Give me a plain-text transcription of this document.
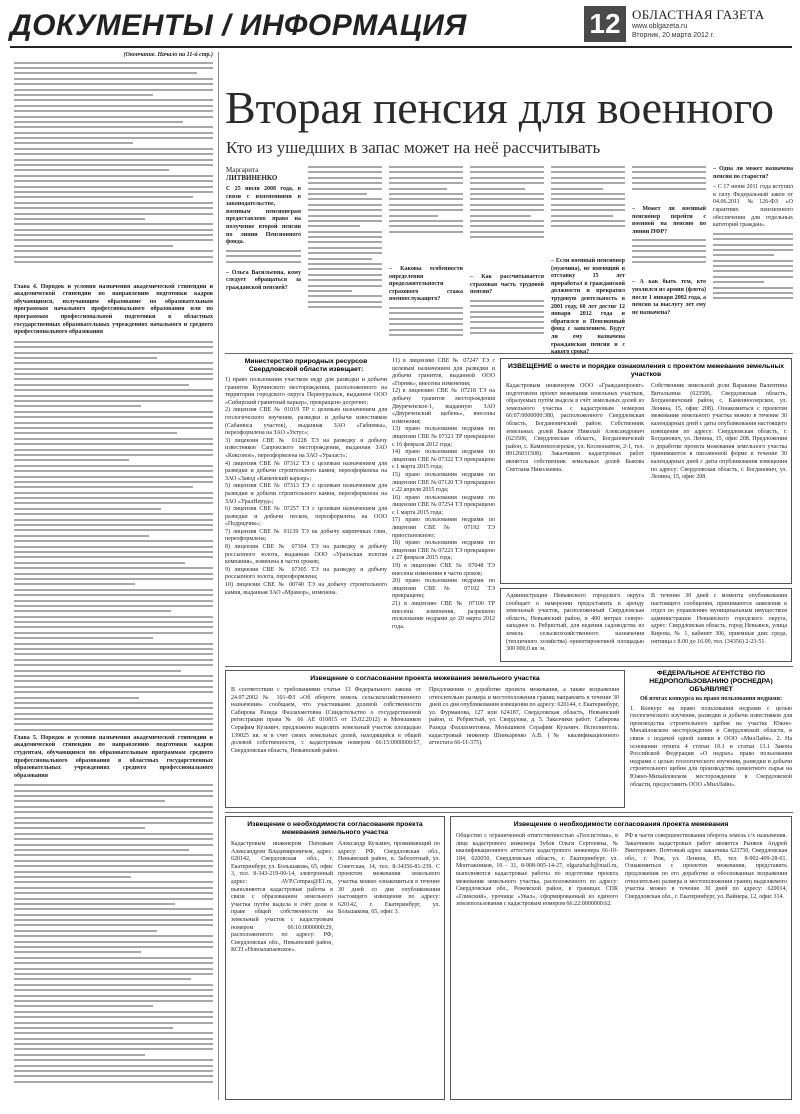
ДОКУМЕНТЫ / ИНФОРМАЦИЯ	12 ОБЛАСТНАЯ ГАЗЕТА
www.oblgazeta.ru
Вторник, 20 марта 2012 г.

(Окончание. Начало на 11-й стр.)

Глава 4. Порядок и условия назначения академической стипендии и академической стипендии по направлению подготовки кадров обучающимся, получающим образование по образовательным программам начального профессионального образования или по программам профессиональной подготовки в областных государственных образовательных учреждениях начального и среднего профессионального образования

Глава 5. Порядок и условия назначения академической стипендии и академической стипендии по направлению подготовки кадров студентам, обучающимся по образовательным программам среднего профессионального образования в областных государственных образовательных учреждениях среднего профессионального образования

Вторая пенсия для военного
Кто из ушедших в запас может на неё рассчитывать

Маргарита

ЛИТВИНЕНКО

С 25 июля 2008 года, в связи с изменениями в законодательстве, военным пенсионерам предоставлено право на получение второй пенсии по линии Пенсионного фонда.

– Ольга Васильевна, кому следует обращаться за гражданской пенсией?

– Каковы особенности определения продолжительности страхового стажа военнослужащего?

– Как рассчитывается страховая часть трудовой пенсии?

– Если военный пенсионер (мужчина), не имеющий в отставку 15 лет проработал в гражданской должности и прекратил трудовую деятельность в 2001 году, 60 лет достиг 12 января 2012 года и обратился в Пенсионный фонд с заявлением. Будут ли ему назначена гражданская пенсия и с

– Может ли военный пенсионер перейти с военной на пенсию по линии ПФР?

– А как быть тем, кто уволился из армии (флота) после 1 января 2002 года, а пенсия за выслугу лет ему не назначена?

– Одна ли может назначена пенсия по старости?

– С 17 июня 2011 года вступил в силу Федеральный закон от 04.06.2011 №126-ФЗ «О гарантиях пенсионного обеспечения для отдельных категорий граждан».

Министерство природных ресурсов Свердловской области извещает:

1) право пользования участком недр для разведки и добычи гранитов Курчинского месторождения, расположенного на территории городского округа Первоуральск, выданное ООО «Сибирский гранитный карьер», прекращено досрочно;

2) лицензия СВЕ № 01019 ТР с целевым назначением для геологического изучения, разведки и добычи известняков (Сабанюса участок), выданная ЗАО «Габиевка», переоформлена на ЗАО «Уктус»;

3) лицензия СВЕ № 01228 ТЭ на разведку и добычу известняков Сапрокского месторождения, выданная ЗАО «Коксовое», переоформлена на ЗАО «Ураласт»;

4) лицензия СВЕ № 07312 ТЭ с целевым назначением для разведки и добычи строительного камня, переоформлена на ЗАО «Завод «Каменский карьер»;

5) лицензия СВЕ № 07313 ТЭ с целевым назначением для разведки и добычи строительного камня, переоформлена на ЗАО «УралНеруд»;

6) лицензия СВЕ № 07257 ТЭ с целевым назначением для разведки и добычи песков, переоформлена на ООО «Подрядчик»;

7) лицензия СВЕ № 01139 ТЭ на добычу кирпичных глин, переоформлена;

8) лицензия СВЕ № 07304 ТЭ на разведку и добычу россыпного золота, выданная ООО «Уральская золотая компания», изменена в части сроков;

9) лицензия СВЕ № 07305 ТЭ на разведку и добычу россыпного золота, переоформлена;

10) лицензия СВЕ № 00740 ТЭ на добычу строительного камня, выданная ЗАО «Мрамор», изменена.

11) в лицензию СВЕ № 07247 ТЭ с целевым назначением для разведки и добычи гранитов, выданной ООО «Горняк», внесены изменения;

12) в лицензию СВЕ № 07218 ТЭ на добычу гранитов месторождения Двуреченское-1, выданную ЗАО «Двуреченский щебень», внесены изменения;

13) право пользования недрами по лицензии СВЕ № 07321 ТР прекращено с 16 февраля 2012 года;

14) право пользования недрами по лицензии СВЕ № 07322 ТЭ прекращено с 1 марта 2015 года;

15) право пользования недрами по лицензии СВЕ № 07120 ТЭ прекращено с 22 апреля 2015 года;

16) право пользования недрами по лицензии СВЕ № 07254 ТЭ прекращено с 1 марта 2015 года;

17) право пользования недрами по лицензии СВЕ № 07192 ТЭ приостановлено;

18) право пользования недрами по лицензии СВЕ № 07223 ТЭ прекращено с 27 февраля 2015 года;

19) в лицензию СВЕ № 07048 ТЭ внесены изменения в части сроков;

20) право пользования недрами по лицензии СВЕ № 07102 ТЭ прекращено;

21) в лицензию СВЕ № 07100 ТР внесены изменения, разрешено пользование недрами до 20 марта 2012 года.

ИЗВЕЩЕНИЕ о месте и порядке ознакомления с проектом межевания земельных участков

Кадастровым инженером ООО «Гражданпроект» подготовлен проект межевания земельных участков, образуемых путём выдела в счёт земельных долей из земельного участка с кадастровым номером 66:07:0000000:380, расположенного Свердловская область, Богдановичский район. Собственник земельных долей Быков Николай Александрович (623506, Свердловская область, Богдановичский район, с. Каменноозерское, ул. Космонавтов, 2-1, тел. 89126031508). Заказчиком кадастровых работ является собственник земельных долей Быкова Светлана Николаевна.

Собственник земельной доли Варакина Валентина Витальевна (623506, Свердловская область, Богдановичский район, с. Каменноозерское, ул. Ленина, 15, офис 208). Ознакомиться с проектом межевания земельного участка можно в течение 30 календарных дней с даты опубликования настоящего извещения по адресу: Свердловская область, г. Богданович, ул. Ленина, 15, офис 208. Предложения о доработке проекта межевания земельного участка принимаются в письменной форме в течение 30 календарных дней с даты опубликования извещения по адресу: Свердловская область, г. Богданович, ул. Ленина, 15, офис 208.

Администрация Невьянского городского округа сообщает о намерении предоставить в аренду земельный участок, расположенный Свердловская область, Невьянский район, в 400 метрах северо-западнее п. Ребристый, для ведения садоводства из земель сельскохозяйственного назначения (тепличного хозяйства) ориентировочной площадью 300 000,0 кв. м.

В течение 30 дней с момента опубликования настоящего сообщения, принимаются заявления в отдел по управлению муниципальным имуществом администрации Невьянского городского округа, адрес: Свердловская область, город Невьянск, улица Кирова, № 1, кабинет 306, приемные дни: среда, пятница с 8.00 до 16.00, тел. (34356) 2-23-51.

Извещение о согласовании проекта межевания земельного участка

В соответствии с требованиями статьи 13 Федерального закона от 24.07.2002 № 101-ФЗ «Об обороте земель сельскохозяйственного назначения» сообщаем, что участниками долевой собственности Сабирова Разида Фазлахметовна (Свидетельство о государственной регистрации права № 66 АЕ 010815 от 15.02.2012) и Меньшиков Серафим Кузьмич, предложено выделить земельный участок площадью 139025 кв. м в счет своих земельных долей, находящийся в общей долевой собственности, с кадастровым номером 66:15:0000000:67, Свердловская область, Невьянский район.

Предложения о доработке проекта межевания, а также возражения относительно размера и местоположения границ направлять в течение 30 дней со дня опубликования извещения по адресу: 620144, г. Екатеринбург, ул. Фурманова, 127 или 624187, Свердловская область, Невьянский район, п. Ребристый, ул. Свердлова, д. 5. Заказчики работ: Сабирова Разида Фазлахметовна, Меньшиков Серафим Кузьмич. Исполнитель: кадастровый инженер Шинкаренко А.В. (№ квалификационного аттестата 66-11-375).

ФЕДЕРАЛЬНОЕ АГЕНТСТВО ПО НЕДРОПОЛЬЗОВАНИЮ (РОСНЕДРА) ОБЪЯВЛЯЕТ

Об итогах конкурса на право пользования недрами:

1. Конкурс на право пользования недрами с целью геологического изучения, разведки и добычи известняков для производства строительного щебня на участке Южно-Михайловском месторождения в Свердловской области, в связи с подачей одной заявки в ООО «МилЛайн». 2. На основании пункта 4 статьи 10.1 и статьи 13.1 Закона Российской Федерации «О недрах» право пользования недрами с целью геологического изучения, разведки и добычи строительного щебня для производства цементного сырья на Южно-Михайловском месторождении в Свердловской области, предоставить ООО «МилЛайн».

Извещение о необходимости согласования проекта межевания земельного участка

Кадастровым инженером Поповым Александром Владимировичем, адрес: 620142, Свердловская обл., г. Екатеринбург, ул. Большакова, 65, офис 3, тел. 8-343-219-00-14, электронный адрес: AVP.Compas@E1.ru, выполняются кадастровые работы в связи с образованием земельного участка путём выдела в счёт доли в праве общей собственности на земельный участок с кадастровым номером 66:16:0000000:29, расположенного по адресу: РФ, Свердловская обл., Невьянский район, КСП «Новоалапаевское».

Александр Кузьмич, проживающий по адресу: РФ, Свердловская обл., Невьянский район, п. Заболотный, ул. Советская, 14, тел. 8-34356-81-239. С проектом межевания земельного участка можно ознакомиться в течение 30 дней со дня опубликования настоящего извещения по адресу: 620142, г. Екатеринбург, ул. Большакова, 65, офис 3.

Извещение о необходимости согласования проекта межевания

Общество с ограниченной ответственностью «Геосистема», в лице кадастрового инженера Зубов Ольги Сергеевны, № квалификационного аттестата кадастрового инженера 66-10-184, 620050, Свердловская область, г. Екатеринбург, ул. Монтажников, 10 - 31, 8-908-905-14-27, olgazubach@mail.ru, выполняются кадастровые работы по подготовке проекта межевания земельного участка, расположенного по адресу: Свердловская обл., Режевской район, в границах СПК «Глинский», урочище «Увал», сформированный из единого землепользования с кадастровым номером 66:22:0000000:62.

РФ в части совершенствования оборота земель с/х назначения. Заказчиком кадастровых работ является Рынков Андрей Викторович. Почтовый адрес заказчика 623750, Свердловская обл., г. Реж, ул. Ленина, 85, тел. 8-902-409-28-01. Ознакомиться с проектом межевания, представить предложения по его доработке и обоснованные возражения относительно размера и местоположения границ выделяемого участка можно в течение 30 дней по адресу: 620014, Свердловская обл., г. Екатеринбург, ул. Вайнера, 12, офис 314.
